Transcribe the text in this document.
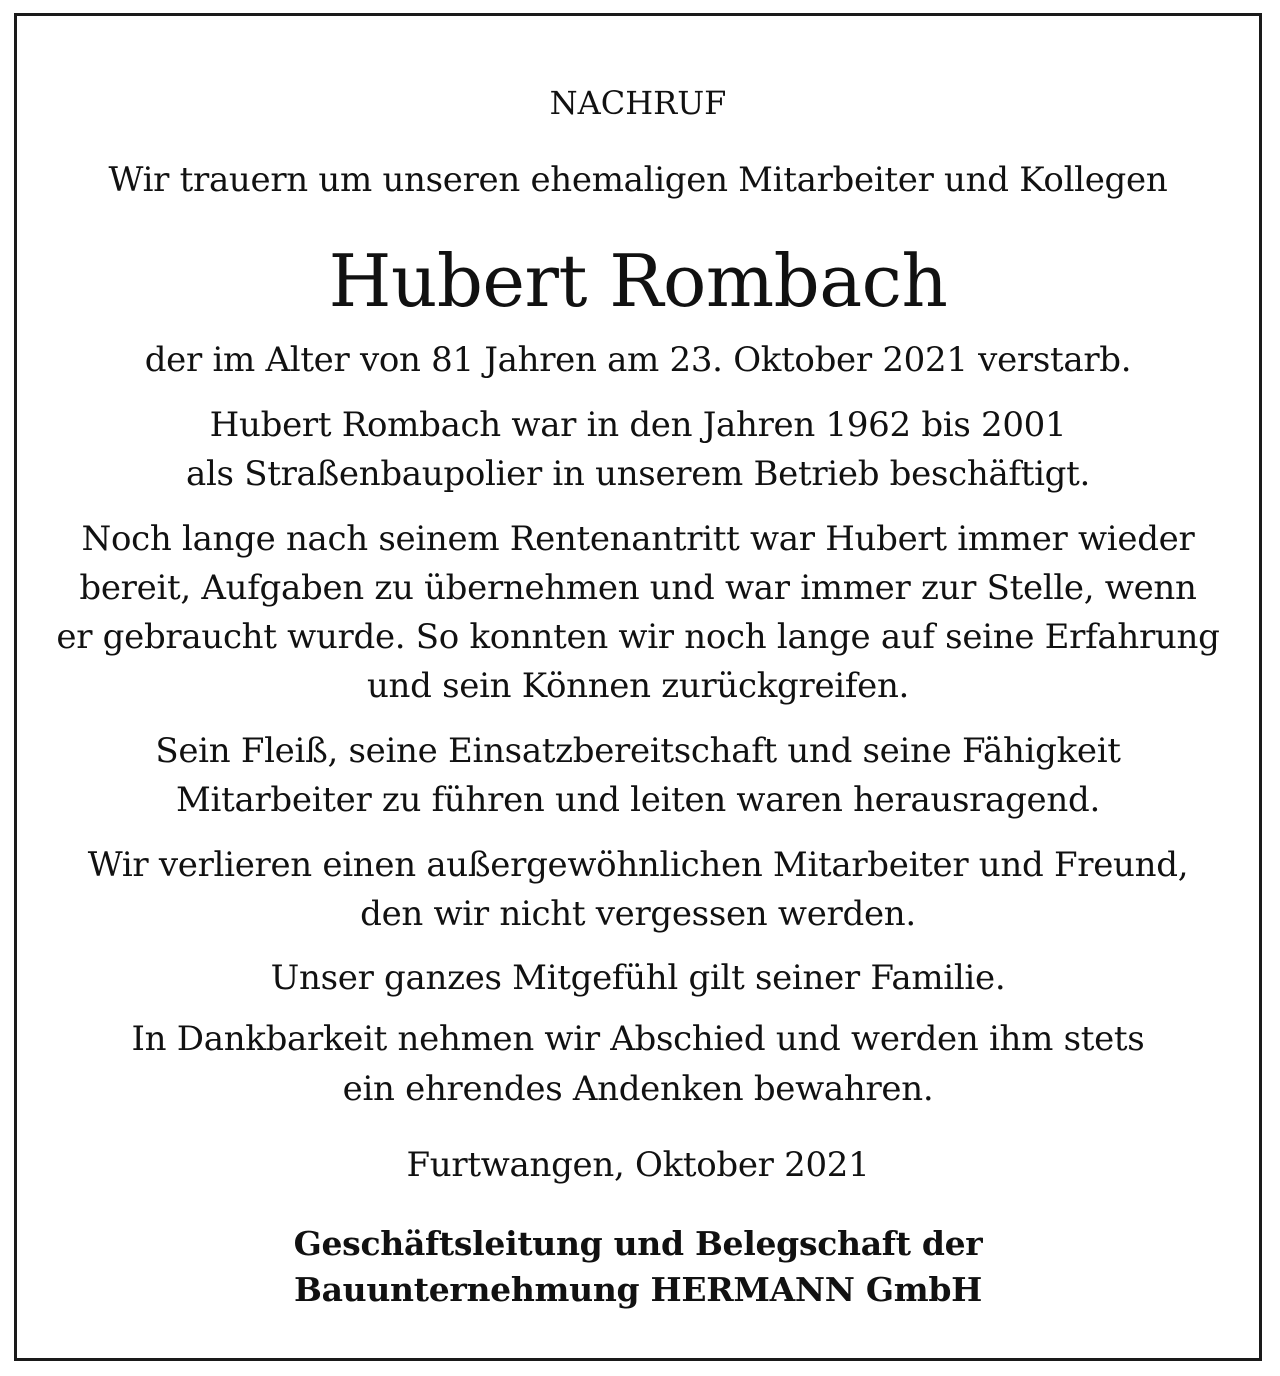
NACHRUF
Wir trauern um unseren ehemaligen Mitarbeiter und Kollegen
Hubert Rombach
der im Alter von 81 Jahren am 23. Oktober 2021 verstarb.
Hubert Rombach war in den Jahren 1962 bis 2001
als Straßenbaupolier in unserem Betrieb beschäftigt.
Noch lange nach seinem Rentenantritt war Hubert immer wieder
bereit, Aufgaben zu übernehmen und war immer zur Stelle, wenn
er gebraucht wurde. So konnten wir noch lange auf seine Erfahrung
und sein Können zurückgreifen.
Sein Fleiß, seine Einsatzbereitschaft und seine Fähigkeit
Mitarbeiter zu führen und leiten waren herausragend.
Wir verlieren einen außergewöhnlichen Mitarbeiter und Freund,
den wir nicht vergessen werden.
Unser ganzes Mitgefühl gilt seiner Familie.
In Dankbarkeit nehmen wir Abschied und werden ihm stets
ein ehrendes Andenken bewahren.
Furtwangen, Oktober 2021
Geschäftsleitung und Belegschaft der
Bauunternehmung HERMANN GmbH
